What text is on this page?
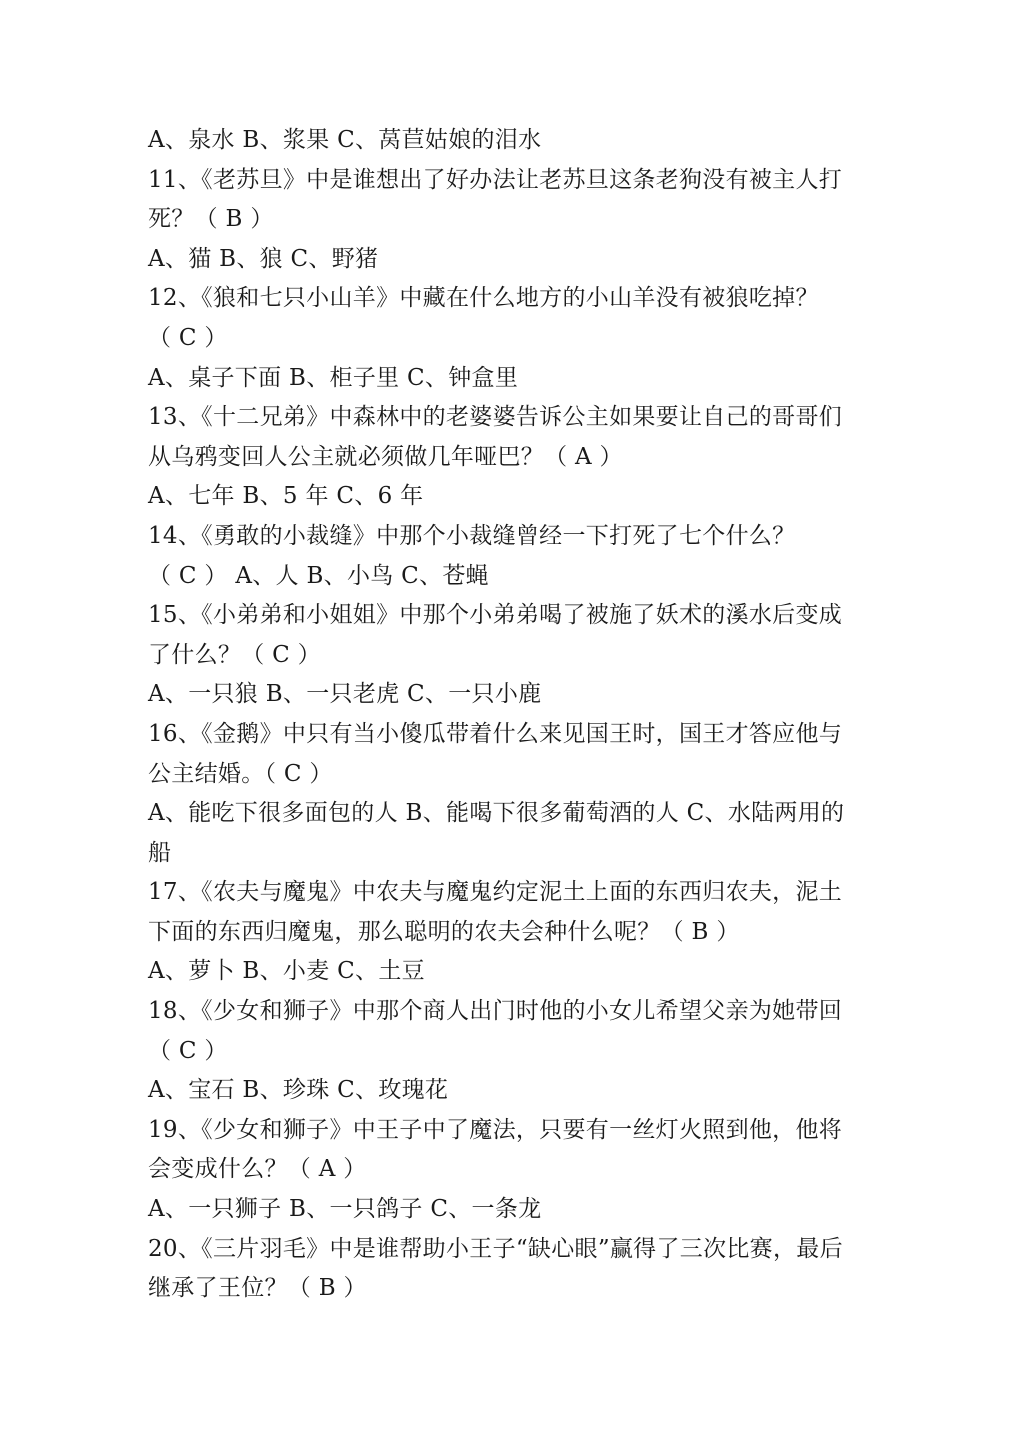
A、泉水 B、浆果 C、莴苣姑娘的泪水
11、《老苏旦》中是谁想出了好办法让老苏旦这条老狗没有被主人打
死？（ B ）
A、猫 B、狼 C、野猪
12、《狼和七只小山羊》中藏在什么地方的小山羊没有被狼吃掉？
（ C ）
A、桌子下面 B、柜子里 C、钟盒里
13、《十二兄弟》中森林中的老婆婆告诉公主如果要让自己的哥哥们
从乌鸦变回人公主就必须做几年哑巴？（ A ）
A、七年 B、5 年 C、6 年
14、《勇敢的小裁缝》中那个小裁缝曾经一下打死了七个什么？
（ C ） A、人 B、小鸟 C、苍蝇
15、《小弟弟和小姐姐》中那个小弟弟喝了被施了妖术的溪水后变成
了什么？（ C ）
A、一只狼 B、一只老虎 C、一只小鹿
16、《金鹅》中只有当小傻瓜带着什么来见国王时，国王才答应他与
公主结婚。（ C ）
A、能吃下很多面包的人 B、能喝下很多葡萄酒的人 C、水陆两用的
船
17、《农夫与魔鬼》中农夫与魔鬼约定泥土上面的东西归农夫，泥土
下面的东西归魔鬼，那么聪明的农夫会种什么呢？（ B ）
A、萝卜 B、小麦 C、土豆
18、《少女和狮子》中那个商人出门时他的小女儿希望父亲为她带回
（ C ）
A、宝石 B、珍珠 C、玫瑰花
19、《少女和狮子》中王子中了魔法，只要有一丝灯火照到他，他将
会变成什么？（ A ）
A、一只狮子 B、一只鸽子 C、一条龙
20、《三片羽毛》中是谁帮助小王子“缺心眼”赢得了三次比赛，最后
继承了王位？（ B ）
